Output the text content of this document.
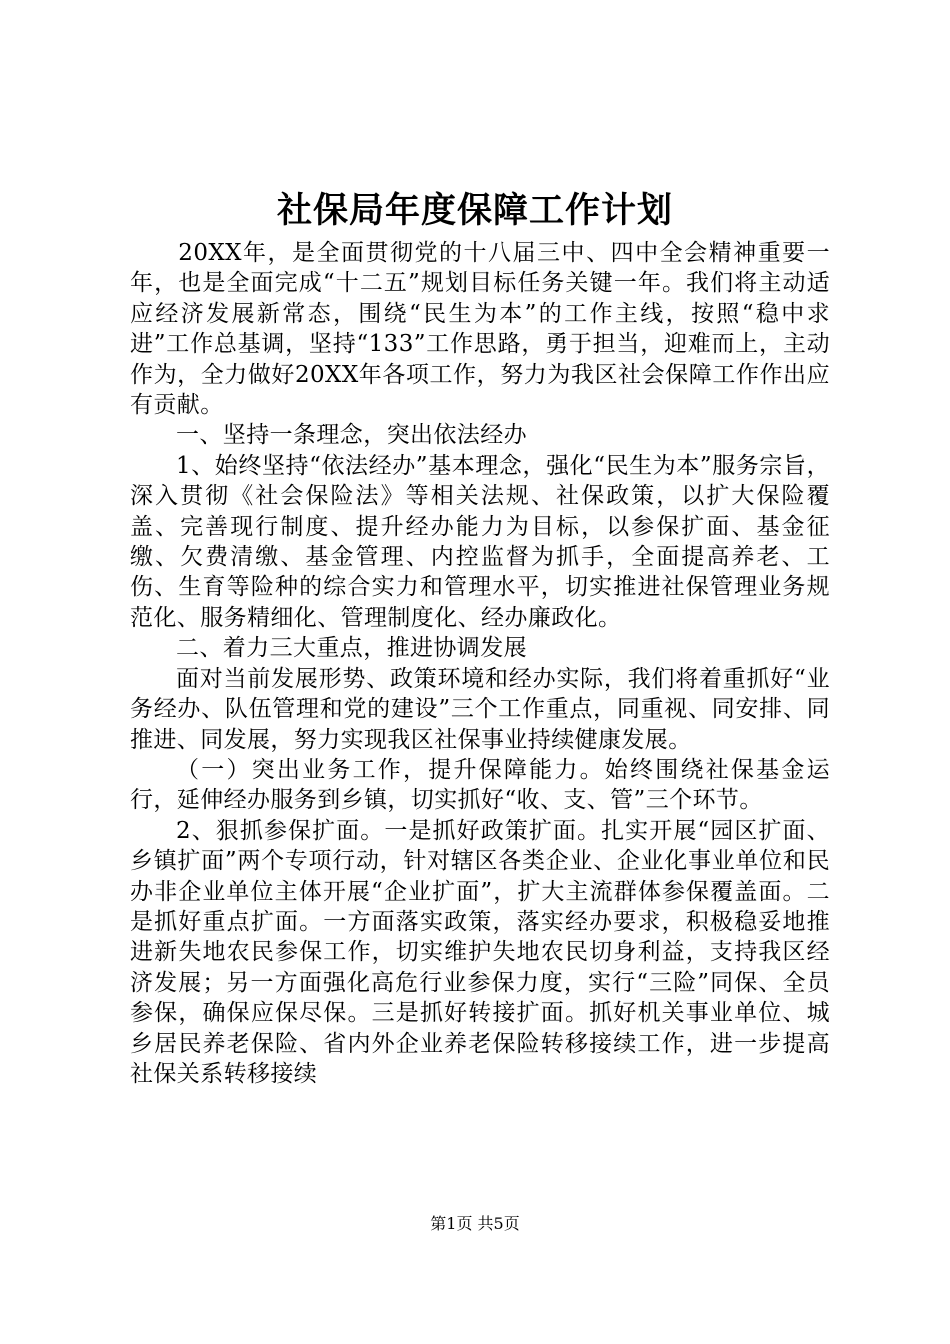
社保局年度保障工作计划

20XX年，是全面贯彻党的十八届三中、四中全会精神重要一年，也是全面完成“十二五”规划目标任务关键一年。我们将主动适应经济发展新常态，围绕“民生为本”的工作主线，按照“稳中求进”工作总基调，坚持“133”工作思路，勇于担当，迎难而上，主动作为，全力做好20XX年各项工作，努力为我区社会保障工作作出应有贡献。

一、坚持一条理念，突出依法经办

1、始终坚持“依法经办”基本理念，强化“民生为本”服务宗旨，深入贯彻《社会保险法》等相关法规、社保政策，以扩大保险覆盖、完善现行制度、提升经办能力为目标，以参保扩面、基金征缴、欠费清缴、基金管理、内控监督为抓手，全面提高养老、工伤、生育等险种的综合实力和管理水平，切实推进社保管理业务规范化、服务精细化、管理制度化、经办廉政化。

二、着力三大重点，推进协调发展

面对当前发展形势、政策环境和经办实际，我们将着重抓好“业务经办、队伍管理和党的建设”三个工作重点，同重视、同安排、同推进、同发展，努力实现我区社保事业持续健康发展。

（一）突出业务工作，提升保障能力。始终围绕社保基金运行，延伸经办服务到乡镇，切实抓好“收、支、管”三个环节。

2、狠抓参保扩面。一是抓好政策扩面。扎实开展“园区扩面、乡镇扩面”两个专项行动，针对辖区各类企业、企业化事业单位和民办非企业单位主体开展“企业扩面”，扩大主流群体参保覆盖面。二是抓好重点扩面。一方面落实政策，落实经办要求，积极稳妥地推进新失地农民参保工作，切实维护失地农民切身利益，支持我区经济发展；另一方面强化高危行业参保力度，实行“三险”同保、全员参保，确保应保尽保。三是抓好转接扩面。抓好机关事业单位、城乡居民养老保险、省内外企业养老保险转移接续工作，进一步提高社保关系转移接续

第1页 共5页
